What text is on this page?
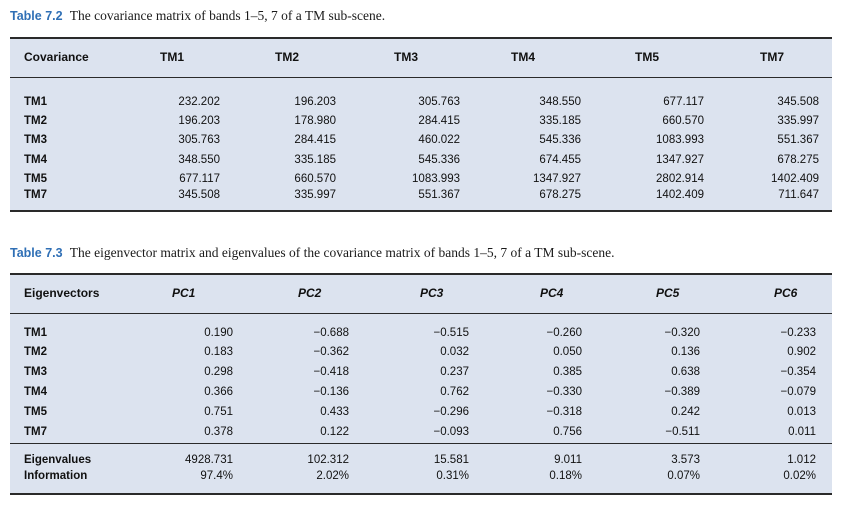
Table 7.2 The covariance matrix of bands 1–5, 7 of a TM sub-scene.
Covariance	TM1	TM2	TM3	TM4	TM5	TM7
TM1	232.202	196.203	305.763	348.550	677.117	345.508
TM2	196.203	178.980	284.415	335.185	660.570	335.997
TM3	305.763	284.415	460.022	545.336	1083.993	551.367
TM4	348.550	335.185	545.336	674.455	1347.927	678.275
TM5	677.117	660.570	1083.993	1347.927	2802.914	1402.409
TM7	345.508	335.997	551.367	678.275	1402.409	711.647
Table 7.3 The eigenvector matrix and eigenvalues of the covariance matrix of bands 1–5, 7 of a TM sub-scene.
Eigenvectors	PC1	PC2	PC3	PC4	PC5	PC6
TM1	0.190	−0.688	−0.515	−0.260	−0.320	−0.233
TM2	0.183	−0.362	0.032	0.050	0.136	0.902
TM3	0.298	−0.418	0.237	0.385	0.638	−0.354
TM4	0.366	−0.136	0.762	−0.330	−0.389	−0.079
TM5	0.751	0.433	−0.296	−0.318	0.242	0.013
TM7	0.378	0.122	−0.093	0.756	−0.511	0.011
Eigenvalues	4928.731	102.312	15.581	9.011	3.573	1.012
Information	97.4%	2.02%	0.31%	0.18%	0.07%	0.02%
